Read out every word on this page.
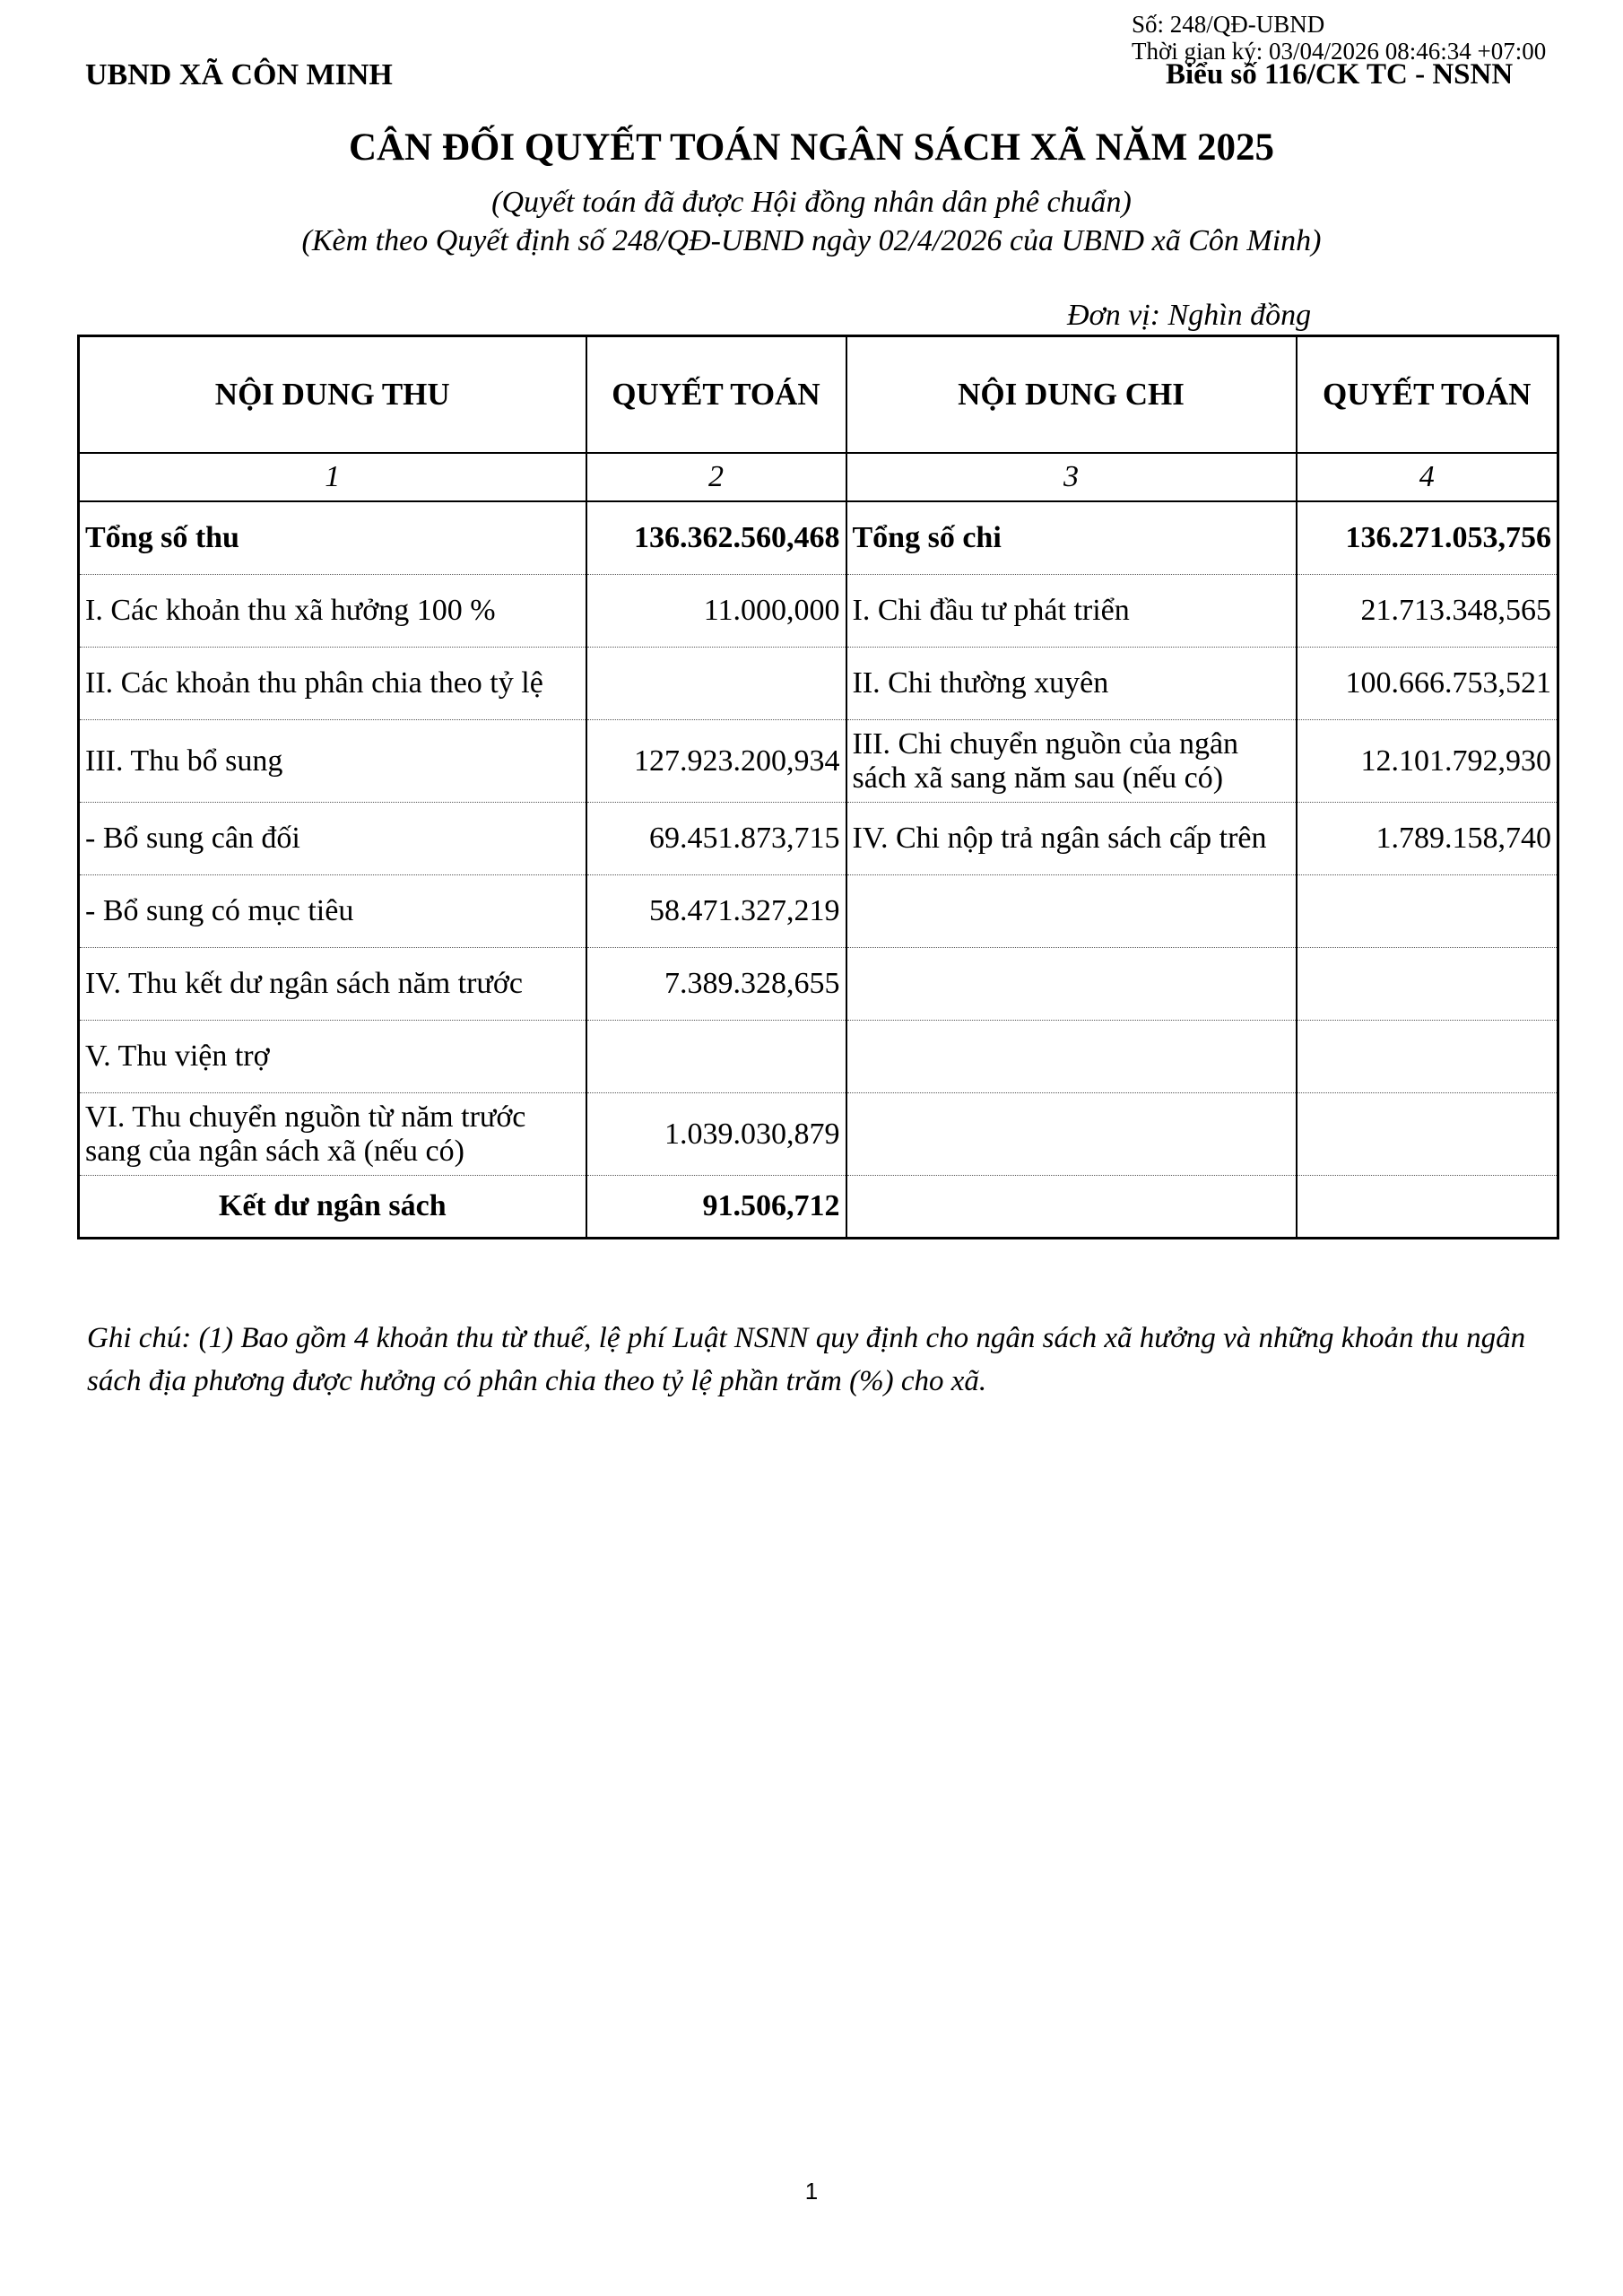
Số: 248/QĐ-UBND
Thời gian ký: 03/04/2026 08:46:34 +07:00
UBND XÃ CÔN MINH	Biểu số 116/CK TC - NSNN
CÂN ĐỐI QUYẾT TOÁN NGÂN SÁCH XÃ NĂM 2025
(Quyết toán đã được Hội đồng nhân dân phê chuẩn)
(Kèm theo Quyết định số 248/QĐ-UBND ngày 02/4/2026 của UBND xã Côn Minh)
Đơn vị: Nghìn đồng
NỘI DUNG THU	QUYẾT TOÁN	NỘI DUNG CHI	QUYẾT TOÁN
1	2	3	4
Tổng số thu	136.362.560,468	Tổng số chi	136.271.053,756
I. Các khoản thu xã hưởng 100 %	11.000,000	I. Chi đầu tư phát triển	21.713.348,565
II. Các khoản thu phân chia theo tỷ lệ		II. Chi thường xuyên	100.666.753,521
III. Thu bổ sung	127.923.200,934	III. Chi chuyển nguồn của ngân sách xã sang năm sau (nếu có)	12.101.792,930
- Bổ sung cân đối	69.451.873,715	IV. Chi nộp trả ngân sách cấp trên	1.789.158,740
- Bổ sung có mục tiêu	58.471.327,219		
IV. Thu kết dư ngân sách năm trước	7.389.328,655		
V. Thu viện trợ			
VI. Thu chuyển nguồn từ năm trước sang của ngân sách xã (nếu có)	1.039.030,879		
Kết dư ngân sách	91.506,712		
Ghi chú: (1) Bao gồm 4 khoản thu từ thuế, lệ phí Luật NSNN quy định cho ngân sách xã hưởng và những khoản thu ngân sách địa phương được hưởng có phân chia theo tỷ lệ phần trăm (%) cho xã.
1
